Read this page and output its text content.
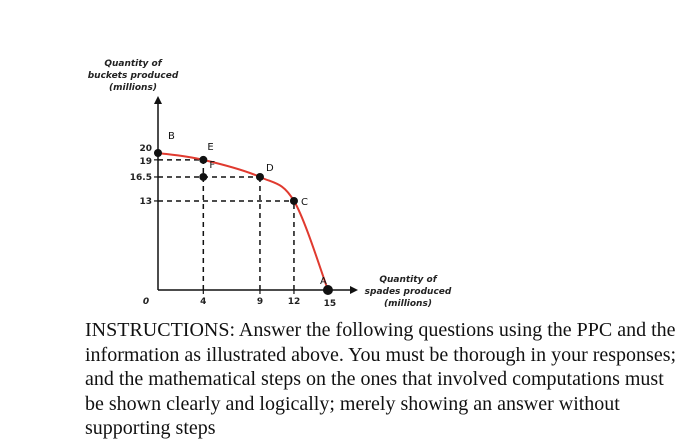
Quantity of buckets produced (millions)
Quantity of spades produced (millions)
13
16.5
19
20
4	9	12	15
0
B
E
F	D
C
A
INSTRUCTIONS: Answer the following questions using the PPC and the information as illustrated above. You must be thorough in your responses; and the mathematical steps on the ones that involved computations must be shown clearly and logically; merely showing an answer without supporting steps
